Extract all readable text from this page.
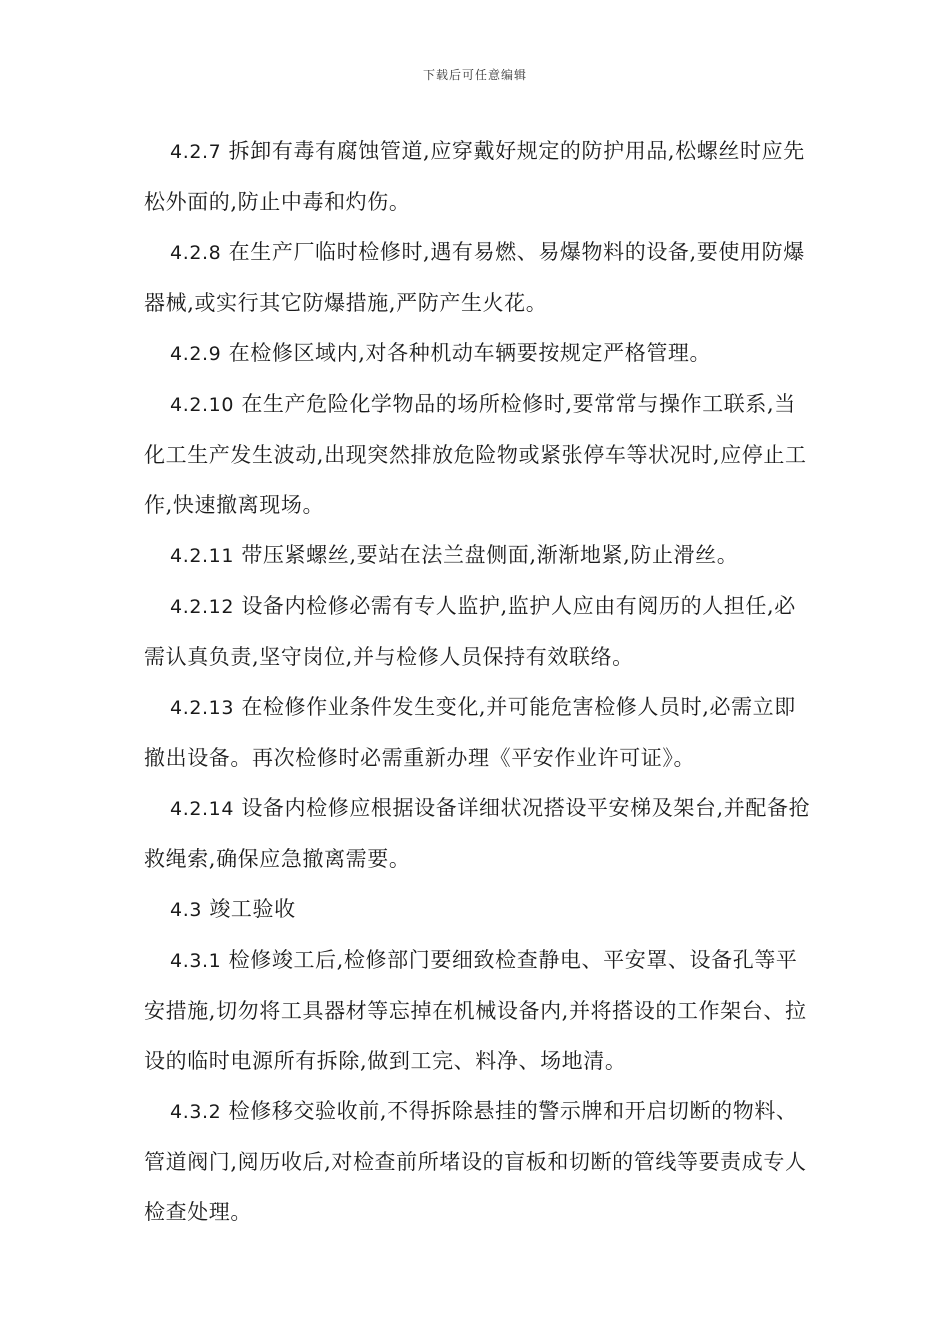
下载后可任意编辑

4.2.7 拆卸有毒有腐蚀管道,应穿戴好规定的防护用品,松螺丝时应先松外面的,防止中毒和灼伤。

4.2.8 在生产厂临时检修时,遇有易燃、易爆物料的设备,要使用防爆器械,或实行其它防爆措施,严防产生火花。

4.2.9 在检修区域内,对各种机动车辆要按规定严格管理。

4.2.10 在生产危险化学物品的场所检修时,要常常与操作工联系,当化工生产发生波动,出现突然排放危险物或紧张停车等状况时,应停止工作,快速撤离现场。

4.2.11 带压紧螺丝,要站在法兰盘侧面,渐渐地紧,防止滑丝。

4.2.12 设备内检修必需有专人监护,监护人应由有阅历的人担任,必需认真负责,坚守岗位,并与检修人员保持有效联络。

4.2.13 在检修作业条件发生变化,并可能危害检修人员时,必需立即撤出设备。再次检修时必需重新办理《平安作业许可证》。

4.2.14 设备内检修应根据设备详细状况搭设平安梯及架台,并配备抢救绳索,确保应急撤离需要。

4.3 竣工验收

4.3.1 检修竣工后,检修部门要细致检查静电、平安罩、设备孔等平安措施,切勿将工具器材等忘掉在机械设备内,并将搭设的工作架台、拉设的临时电源所有拆除,做到工完、料净、场地清。

4.3.2 检修移交验收前,不得拆除悬挂的警示牌和开启切断的物料、管道阀门,阅历收后,对检查前所堵设的盲板和切断的管线等要责成专人检查处理。
